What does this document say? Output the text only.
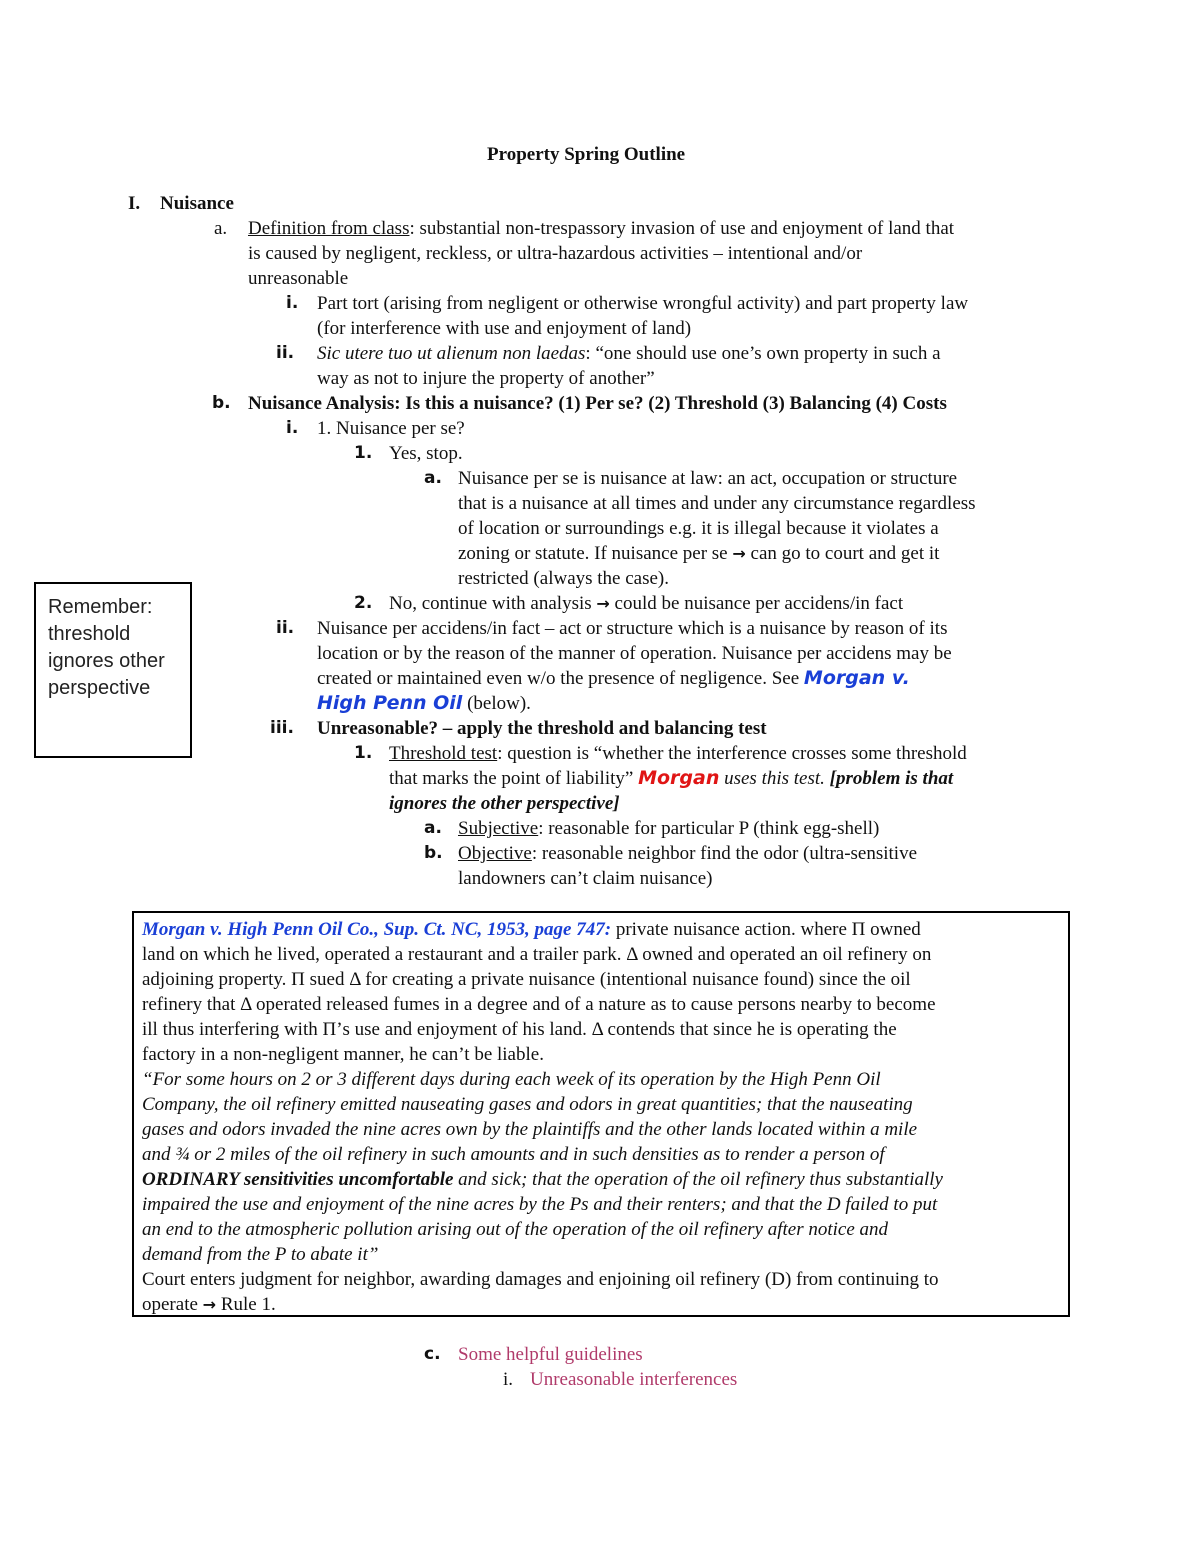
Property Spring Outline
I. Nuisance
a. Definition from class: substantial non-trespassory invasion of use and enjoyment of land that
is caused by negligent, reckless, or ultra-hazardous activities – intentional and/or
unreasonable
i. Part tort (arising from negligent or otherwise wrongful activity) and part property law
(for interference with use and enjoyment of land)
ii. Sic utere tuo ut alienum non laedas: “one should use one’s own property in such a
way as not to injure the property of another”
b. Nuisance Analysis: Is this a nuisance? (1) Per se? (2) Threshold (3) Balancing (4) Costs
i. 1. Nuisance per se?
1. Yes, stop.
a. Nuisance per se is nuisance at law: an act, occupation or structure
that is a nuisance at all times and under any circumstance regardless
of location or surroundings e.g. it is illegal because it violates a
zoning or statute. If nuisance per se → can go to court and get it
restricted (always the case).
2. No, continue with analysis → could be nuisance per accidens/in fact
ii. Nuisance per accidens/in fact – act or structure which is a nuisance by reason of its
location or by the reason of the manner of operation. Nuisance per accidens may be
created or maintained even w/o the presence of negligence. See Morgan v.
High Penn Oil (below).
iii. Unreasonable? – apply the threshold and balancing test
1. Threshold test: question is “whether the interference crosses some threshold
that marks the point of liability” Morgan uses this test. [problem is that
ignores the other perspective]
a. Subjective: reasonable for particular P (think egg-shell)
b. Objective: reasonable neighbor find the odor (ultra-sensitive
landowners can’t claim nuisance)
Remember:
threshold
ignores other
perspective
Morgan v. High Penn Oil Co., Sup. Ct. NC, 1953, page 747: private nuisance action. where Π owned
land on which he lived, operated a restaurant and a trailer park. Δ owned and operated an oil refinery on
adjoining property. Π sued Δ for creating a private nuisance (intentional nuisance found) since the oil
refinery that Δ operated released fumes in a degree and of a nature as to cause persons nearby to become
ill thus interfering with Π’s use and enjoyment of his land. Δ contends that since he is operating the
factory in a non-negligent manner, he can’t be liable.
“For some hours on 2 or 3 different days during each week of its operation by the High Penn Oil
Company, the oil refinery emitted nauseating gases and odors in great quantities; that the nauseating
gases and odors invaded the nine acres own by the plaintiffs and the other lands located within a mile
and ¾ or 2 miles of the oil refinery in such amounts and in such densities as to render a person of
ORDINARY sensitivities uncomfortable and sick; that the operation of the oil refinery thus substantially
impaired the use and enjoyment of the nine acres by the Ps and their renters; and that the D failed to put
an end to the atmospheric pollution arising out of the operation of the oil refinery after notice and
demand from the P to abate it”
Court enters judgment for neighbor, awarding damages and enjoining oil refinery (D) from continuing to
operate → Rule 1.
c. Some helpful guidelines
i. Unreasonable interferences
